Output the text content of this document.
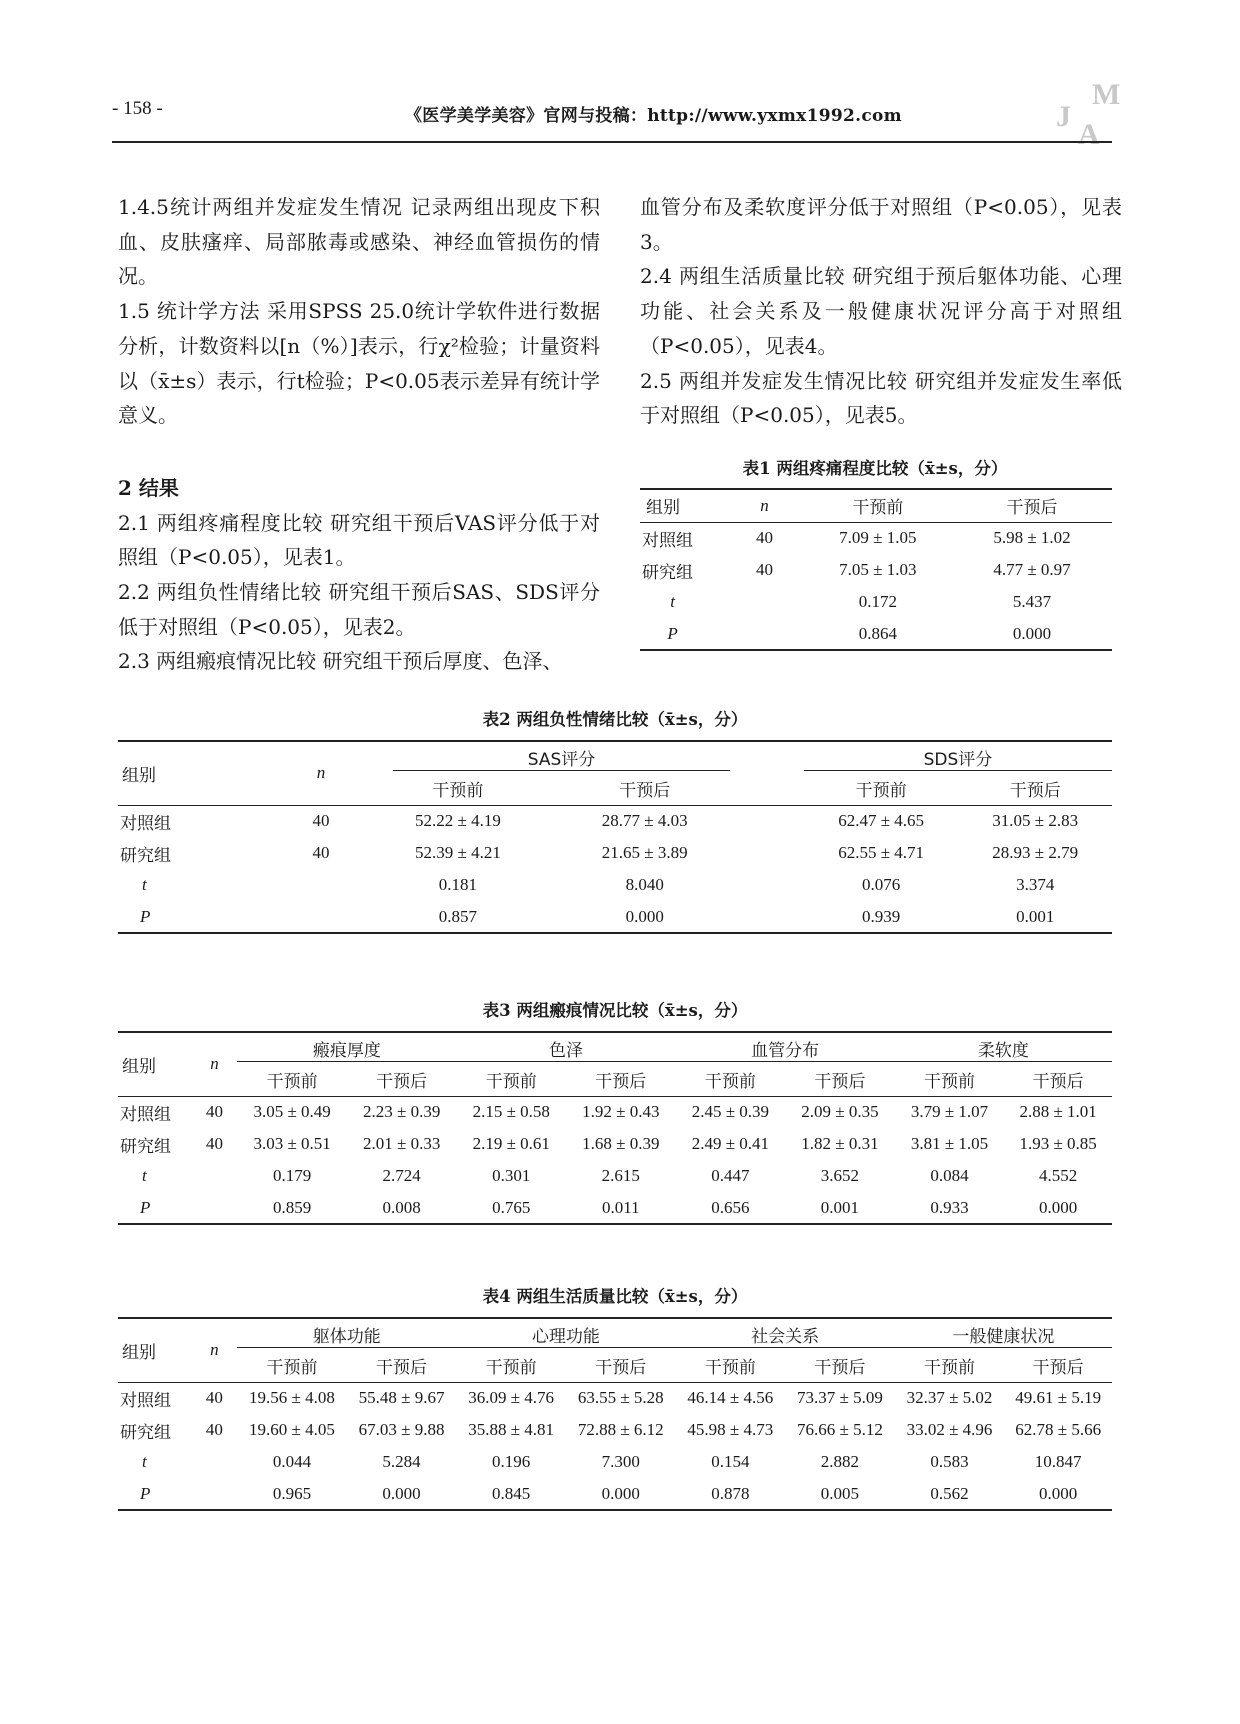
- 158 -	《医学美学美容》官网与投稿：http://www.yxmx1992.com
M
J
A

1.4.5统计两组并发症发生情况 记录两组出现皮下积血、皮肤瘙痒、局部脓毒或感染、神经血管损伤的情况。

1.5 统计学方法 采用SPSS 25.0统计学软件进行数据分析，计数资料以[n（%）]表示，行χ²检验；计量资料以（x̄±s）表示，行t检验；P<0.05表示差异有统计学意义。

2 结果

2.1 两组疼痛程度比较 研究组干预后VAS评分低于对照组（P<0.05），见表1。

2.2 两组负性情绪比较 研究组干预后SAS、SDS评分低于对照组（P<0.05），见表2。

2.3 两组瘢痕情况比较 研究组干预后厚度、色泽、

血管分布及柔软度评分低于对照组（P<0.05），见表3。

2.4 两组生活质量比较 研究组于预后躯体功能、心理功能、社会关系及一般健康状况评分高于对照组（P<0.05），见表4。

2.5 两组并发症发生情况比较 研究组并发症发生率低于对照组（P<0.05），见表5。

表1 两组疼痛程度比较（x̄±s，分）
组别	n	干预前	干预后
对照组	40	7.09 ± 1.05	5.98 ± 1.02
研究组	40	7.05 ± 1.03	4.77 ± 0.97
t		0.172	5.437
P		0.864	0.000
表2 两组负性情绪比较（x̄±s，分）
组别	n	SAS评分			SDS评分	

		干预前	干预后		干预前	干预后
对照组	40	52.22 ± 4.19	28.77 ± 4.03		62.47 ± 4.65	31.05 ± 2.83
研究组	40	52.39 ± 4.21	21.65 ± 3.89		62.55 ± 4.71	28.93 ± 2.79
t		0.181	8.040		0.076	3.374
P		0.857	0.000		0.939	0.001
表3 两组瘢痕情况比较（x̄±s，分）
组别	n	瘢痕厚度		色泽		血管分布		柔软度	

		干预前	干预后	干预前	干预后	干预前	干预后	干预前	干预后
对照组	40	3.05 ± 0.49	2.23 ± 0.39	2.15 ± 0.58	1.92 ± 0.43	2.45 ± 0.39	2.09 ± 0.35	3.79 ± 1.07	2.88 ± 1.01
研究组	40	3.03 ± 0.51	2.01 ± 0.33	2.19 ± 0.61	1.68 ± 0.39	2.49 ± 0.41	1.82 ± 0.31	3.81 ± 1.05	1.93 ± 0.85
t		0.179	2.724	0.301	2.615	0.447	3.652	0.084	4.552
P		0.859	0.008	0.765	0.011	0.656	0.001	0.933	0.000
表4 两组生活质量比较（x̄±s，分）
组别	n	躯体功能		心理功能		社会关系		一般健康状况	

		干预前	干预后	干预前	干预后	干预前	干预后	干预前	干预后
对照组	40	19.56 ± 4.08	55.48 ± 9.67	36.09 ± 4.76	63.55 ± 5.28	46.14 ± 4.56	73.37 ± 5.09	32.37 ± 5.02	49.61 ± 5.19
研究组	40	19.60 ± 4.05	67.03 ± 9.88	35.88 ± 4.81	72.88 ± 6.12	45.98 ± 4.73	76.66 ± 5.12	33.02 ± 4.96	62.78 ± 5.66
t		0.044	5.284	0.196	7.300	0.154	2.882	0.583	10.847
P		0.965	0.000	0.845	0.000	0.878	0.005	0.562	0.000
